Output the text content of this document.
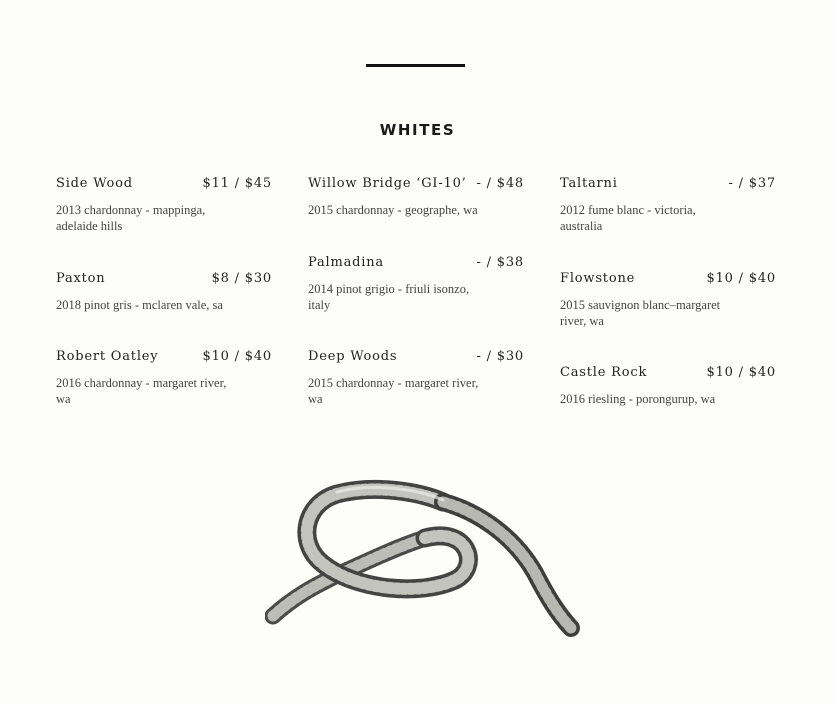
WHITES
Side Wood	$11 / $45
2013 chardonnay - mappinga, adelaide hills
Paxton	$8 / $30
2018 pinot gris - mclaren vale, sa
Robert Oatley	$10 / $40
2016 chardonnay - margaret river, wa
Willow Bridge ‘GI-10’ - / $48
2015 chardonnay - geographe, wa
Palmadina	- / $38
2014 pinot grigio - friuli isonzo, italy
Deep Woods	- / $30
2015 chardonnay - margaret river, wa
Taltarni	- / $37
2012 fume blanc - victoria, australia
Flowstone	$10 / $40
2015 sauvignon blanc–margaret river, wa
Castle Rock	$10 / $40
2016 riesling - porongurup, wa
